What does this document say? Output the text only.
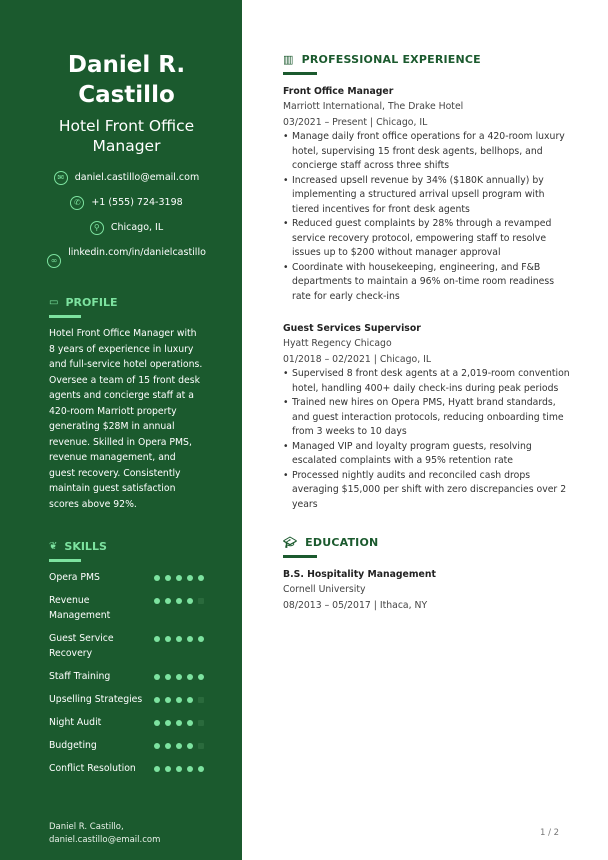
Daniel R. Castillo
Hotel Front Office Manager
✉	daniel.castillo@email.com
✆	+1 (555) 724-3198
⚲	Chicago, IL
∞
linkedin.com/in/danielcastillo
▭ PROFILE
Hotel Front Office Manager with 8 years of experience in luxury and full-service hotel operations. Oversee a team of 15 front desk agents and concierge staff at a 420-room Marriott property generating $28M in annual revenue. Skilled in Opera PMS, revenue management, and guest recovery. Consistently maintain guest satisfaction scores above 92%.
❦ SKILLS
Opera PMS
Revenue Management
Guest Service Recovery
Staff Training
Upselling Strategies
Night Audit
Budgeting
Conflict Resolution
Daniel R. Castillo,
daniel.castillo@email.com
▥ PROFESSIONAL EXPERIENCE
Front Office Manager
Marriott International, The Drake Hotel
03/2021 – Present | Chicago, IL
• Manage daily front office operations for a 420-room luxury hotel, supervising 15 front desk agents, bellhops, and concierge staff across three shifts
• Increased upsell revenue by 34% ($180K annually) by implementing a structured arrival upsell program with tiered incentives for front desk agents
• Reduced guest complaints by 28% through a revamped service recovery protocol, empowering staff to resolve issues up to $200 without manager approval
• Coordinate with housekeeping, engineering, and F&B departments to maintain a 96% on-time room readiness rate for early check-ins
Guest Services Supervisor
Hyatt Regency Chicago
01/2018 – 02/2021 | Chicago, IL
• Supervised 8 front desk agents at a 2,019-room convention hotel, handling 400+ daily check-ins during peak periods
• Trained new hires on Opera PMS, Hyatt brand standards, and guest interaction protocols, reducing onboarding time from 3 weeks to 10 days
• Managed VIP and loyalty program guests, resolving escalated complaints with a 95% retention rate
• Processed nightly audits and reconciled cash drops averaging $15,000 per shift with zero discrepancies over 2 years
🎓︎ EDUCATION
B.S. Hospitality Management
Cornell University
08/2013 – 05/2017 | Ithaca, NY
1 / 2
